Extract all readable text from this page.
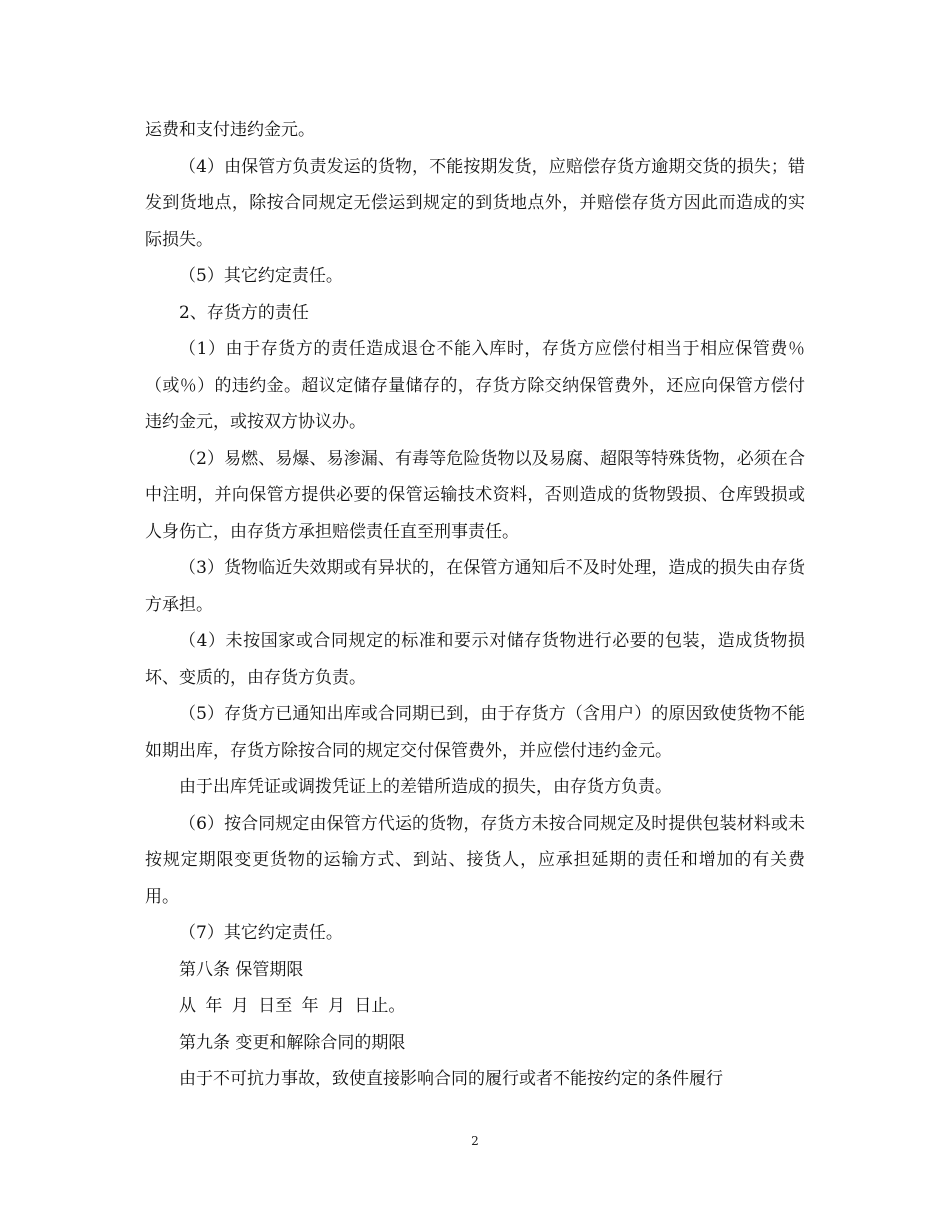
运费和支付违约金元。

（4）由保管方负责发运的货物，不能按期发货，应赔偿存货方逾期交货的损失；错发到货地点，除按合同规定无偿运到规定的到货地点外，并赔偿存货方因此而造成的实际损失。

（5）其它约定责任。

2、存货方的责任

（1）由于存货方的责任造成退仓不能入库时，存货方应偿付相当于相应保管费％（或％）的违约金。超议定储存量储存的，存货方除交纳保管费外，还应向保管方偿付违约金元，或按双方协议办。

（2）易燃、易爆、易渗漏、有毒等危险货物以及易腐、超限等特殊货物，必须在合中注明，并向保管方提供必要的保管运输技术资料，否则造成的货物毁损、仓库毁损或人身伤亡，由存货方承担赔偿责任直至刑事责任。

（3）货物临近失效期或有异状的，在保管方通知后不及时处理，造成的损失由存货方承担。

（4）未按国家或合同规定的标准和要示对储存货物进行必要的包装，造成货物损坏、变质的，由存货方负责。

（5）存货方已通知出库或合同期已到，由于存货方（含用户）的原因致使货物不能如期出库，存货方除按合同的规定交付保管费外，并应偿付违约金元。

由于出库凭证或调拨凭证上的差错所造成的损失，由存货方负责。

（6）按合同规定由保管方代运的货物，存货方未按合同规定及时提供包装材料或未按规定期限变更货物的运输方式、到站、接货人，应承担延期的责任和增加的有关费用。

（7）其它约定责任。

第八条 保管期限

从 年 月 日至 年 月 日止。

第九条 变更和解除合同的期限

由于不可抗力事故，致使直接影响合同的履行或者不能按约定的条件履行

2
